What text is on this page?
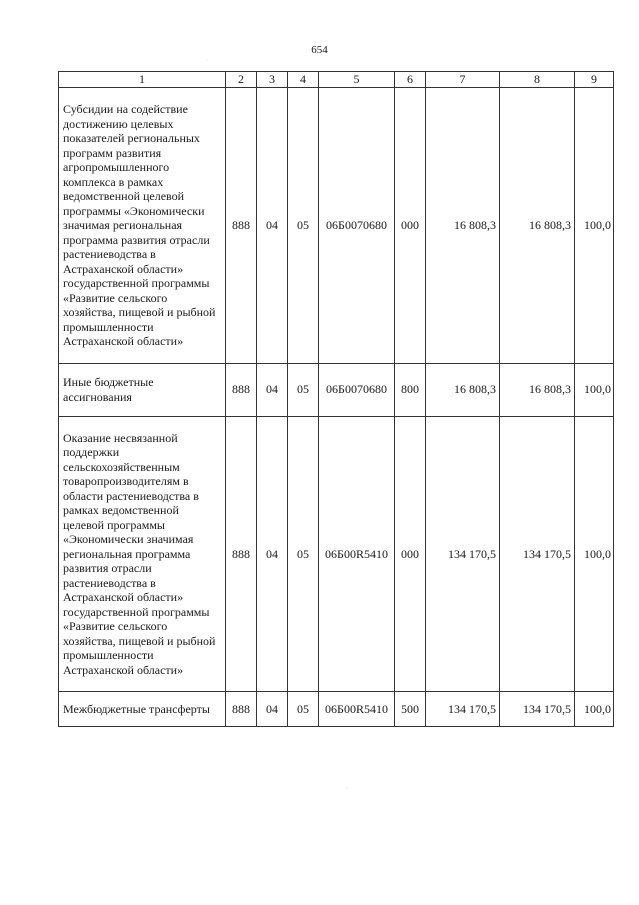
654
1	2	3	4	5	6	7	8	9
Субсидии на содействие достижению целевых показателей региональных программ развития агропромышленного комплекса в рамках ведомственной целевой программы «Экономически значимая региональная программа развития отрасли растениеводства в Астраханской области» государственной программы «Развитие сельского хозяйства, пищевой и рыбной промышленности Астраханской области»	888	04	05	06Б0070680	000	16 808,3	16 808,3	100,0
Иные бюджетные ассигнования	888	04	05	06Б0070680	800	16 808,3	16 808,3	100,0
Оказание несвязанной поддержки сельскохозяйственным товаропроизводителям в области растениеводства в рамках ведомственной целевой программы «Экономически значимая региональная программа развития отрасли растениеводства в Астраханской области» государственной программы «Развитие сельского хозяйства, пищевой и рыбной промышленности Астраханской области»	888	04	05	06Б00R5410	000	134 170,5	134 170,5	100,0
Межбюджетные трансферты	888	04	05	06Б00R5410	500	134 170,5	134 170,5	100,0
·
·
